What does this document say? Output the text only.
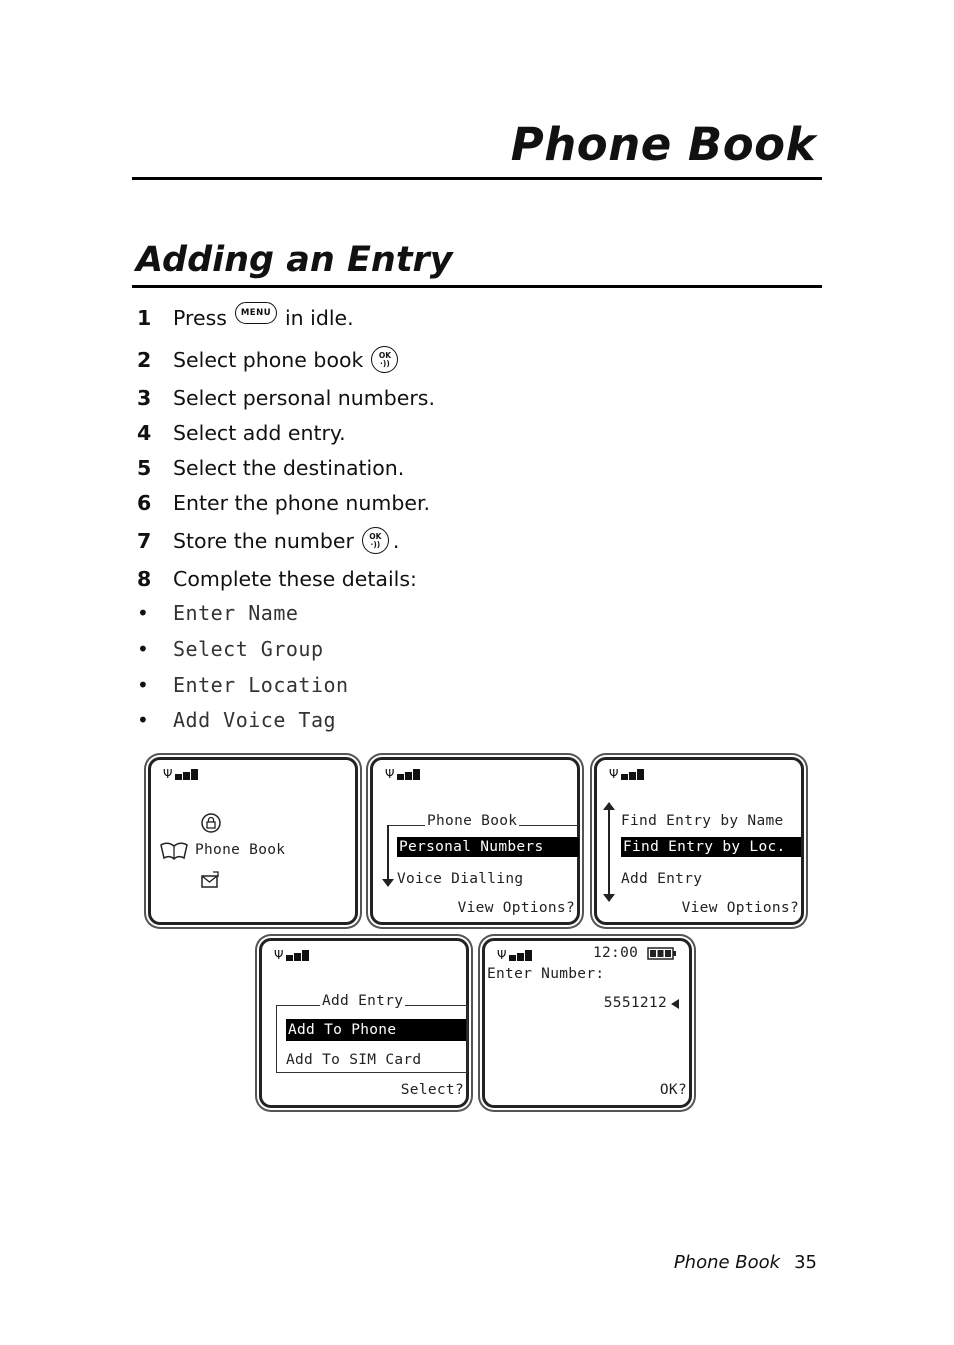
Phone Book
Adding an Entry
1	Press	MENU in idle.
2	Select phone book OK
·))
3	Select personal numbers.
4	Select add entry.
5	Select the destination.
6	Enter the phone number.
7	Store the number OK
·)) .
8	Complete these details:
•	Enter Name
•	Select Group
•	Enter Location
•	Add Voice Tag
Ψ
Phone Book
Ψ
Phone Book
Personal Numbers
Voice Dialling
View Options?
Ψ
Find Entry by Name
Find Entry by Loc.
Add Entry
View Options?
Ψ
Add Entry
Add To Phone
Add To SIM Card
Select?
Ψ	12:00
Enter Number:
5551212
OK?
Phone Book 35
